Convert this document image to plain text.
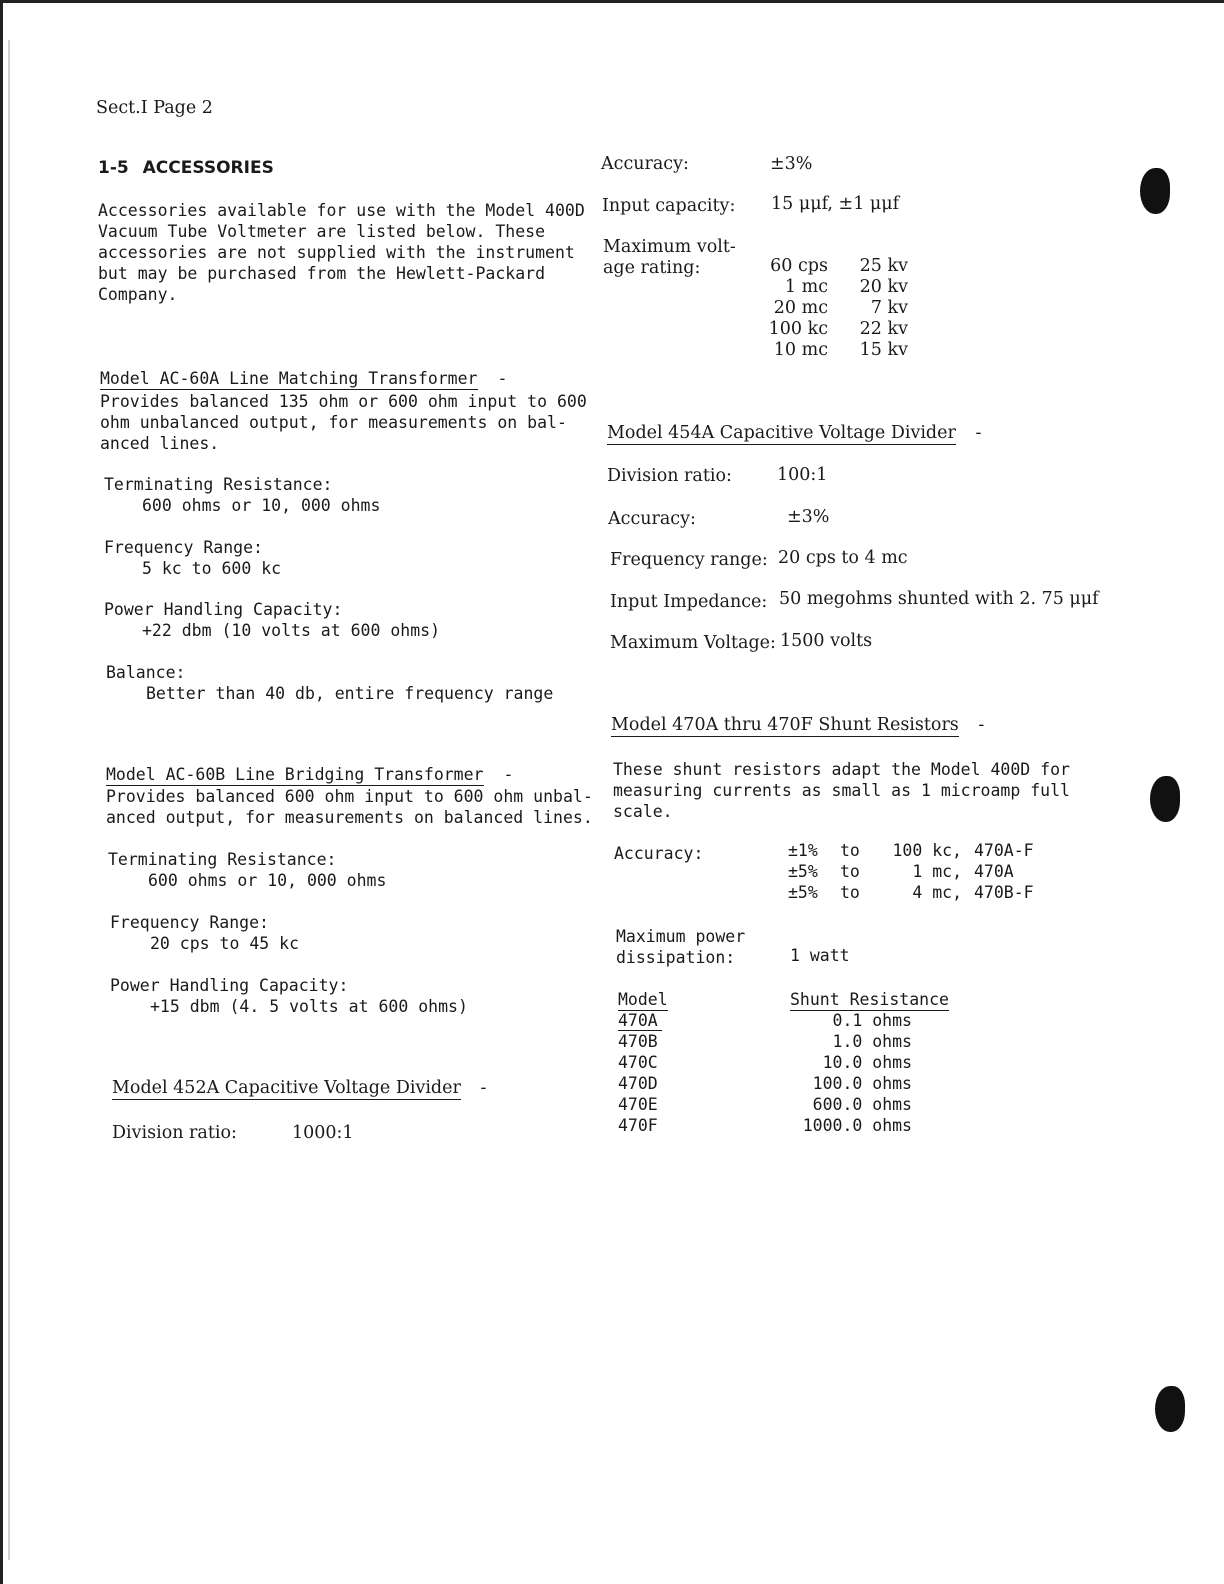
Sect.I Page 2
1-5 ACCESSORIES
Accessories available for use with the Model 400D
Vacuum Tube Voltmeter are listed below. These
accessories are not supplied with the instrument
but may be purchased from the Hewlett-Packard
Company.
Model AC-60A Line Matching Transformer -
Provides balanced 135 ohm or 600 ohm input to 600
ohm unbalanced output, for measurements on bal-
anced lines.
Terminating Resistance:
600 ohms or 10, 000 ohms
Frequency Range:
5 kc to 600 kc
Power Handling Capacity:
+22 dbm (10 volts at 600 ohms)
Balance:
Better than 40 db, entire frequency range
Model AC-60B Line Bridging Transformer -
Provides balanced 600 ohm input to 600 ohm unbal-
anced output, for measurements on balanced lines.
Terminating Resistance:
600 ohms or 10, 000 ohms
Frequency Range:
20 cps to 45 kc
Power Handling Capacity:
+15 dbm (4. 5 volts at 600 ohms)
Model 452A Capacitive Voltage Divider -
Division ratio:	1000:1
Accuracy:	±3%
Input capacity: 15 μμf, ±1 μμf
Maximum volt-
age rating:	60 cps	25 kv
1 mc	20 kv
20 mc	7 kv
100 kc	22 kv
10 mc	15 kv
Model 454A Capacitive Voltage Divider -
Division ratio:	100:1
Accuracy:	±3%
Frequency range: 20 cps to 4 mc
Input Impedance: 50 megohms shunted with 2. 75 μμf
Maximum Voltage: 1500 volts
Model 470A thru 470F Shunt Resistors -
These shunt resistors adapt the Model 400D for
measuring currents as small as 1 microamp full
scale.
Accuracy:	±1%	to	100 kc, 470A-F
±5%	to	1 mc, 470A
±5%	to	4 mc, 470B-F
Maximum power
dissipation:	1 watt
Model	Shunt Resistance
470A	0.1 ohms
470B	1.0 ohms
470C	10.0 ohms
470D	100.0 ohms
470E	600.0 ohms
470F	1000.0 ohms
